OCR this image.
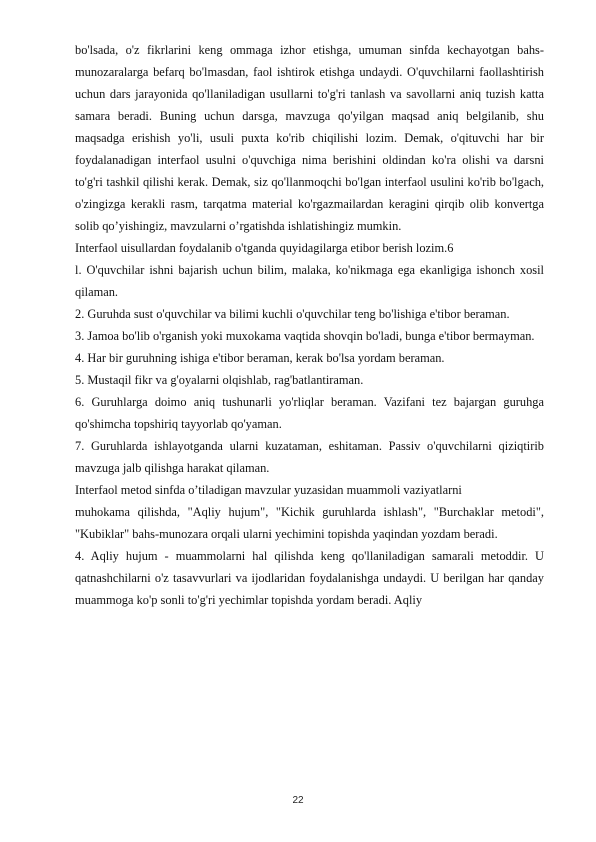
bo'lsada, o'z fikrlarini keng ommaga izhor etishga, umuman sinfda kechayotgan bahs-munozaralarga befarq bo'lmasdan, faol ishtirok etishga undaydi. O'quvchilarni faollashtirish uchun dars jarayonida qo'llaniladigan usullarni to'g'ri tanlash va savollarni aniq tuzish katta samara beradi. Buning uchun darsga, mavzuga qo'yilgan maqsad aniq belgilanib, shu maqsadga erishish yo'li, usuli puxta ko'rib chiqilishi lozim. Demak, o'qituvchi har bir foydalanadigan interfaol usulni o'quvchiga nima berishini oldindan ko'ra olishi va darsni to'g'ri tashkil qilishi kerak. Demak, siz qo'llanmoqchi bo'lgan interfaol usulini ko'rib bo'lgach, o'zingizga kerakli rasm, tarqatma material ko'rgazmailardan keragini qirqib olib konvertga solib qo’yishingiz, mavzularni o’rgatishda ishlatishingiz mumkin.

Interfaol uisullardan foydalanib o'tganda quyidagilarga etibor berish lozim.6

l. O'quvchilar ishni bajarish uchun bilim, malaka, ko'nikmaga ega ekanligiga ishonch xosil qilaman.

2. Guruhda sust o'quvchilar va bilimi kuchli o'quvchilar teng bo'lishiga e'tibor beraman.

3. Jamoa bo'lib o'rganish yoki muxokama vaqtida shovqin bo'ladi, bunga e'tibor bermayman.

4. Har bir guruhning ishiga e'tibor beraman, kerak bo'lsa yordam beraman.

5. Mustaqil fikr va g'oyalarni olqishlab, rag'batlantiraman.

6. Guruhlarga doimo aniq tushunarli yo'rliqlar beraman. Vazifani tez bajargan guruhga qo'shimcha topshiriq tayyorlab qo'yaman.

7. Guruhlarda ishlayotganda ularni kuzataman, eshitaman. Passiv o'quvchilarni qiziqtirib mavzuga jalb qilishga harakat qilaman.

Interfaol metod sinfda o’tiladigan mavzular yuzasidan muammoli vaziyatlarni

muhokama qilishda, "Aqliy hujum", "Kichik guruhlarda ishlash", "Burchaklar metodi", "Kubiklar" bahs-munozara orqali ularni yechimini topishda yaqindan yozdam beradi.

4. Aqliy hujum - muammolarni hal qilishda keng qo'llaniladigan samarali metoddir. U qatnashchilarni o'z tasavvurlari va ijodlaridan foydalanishga undaydi. U berilgan har qanday muammoga ko'p sonli to'g'ri yechimlar topishda yordam beradi. Aqliy

22
